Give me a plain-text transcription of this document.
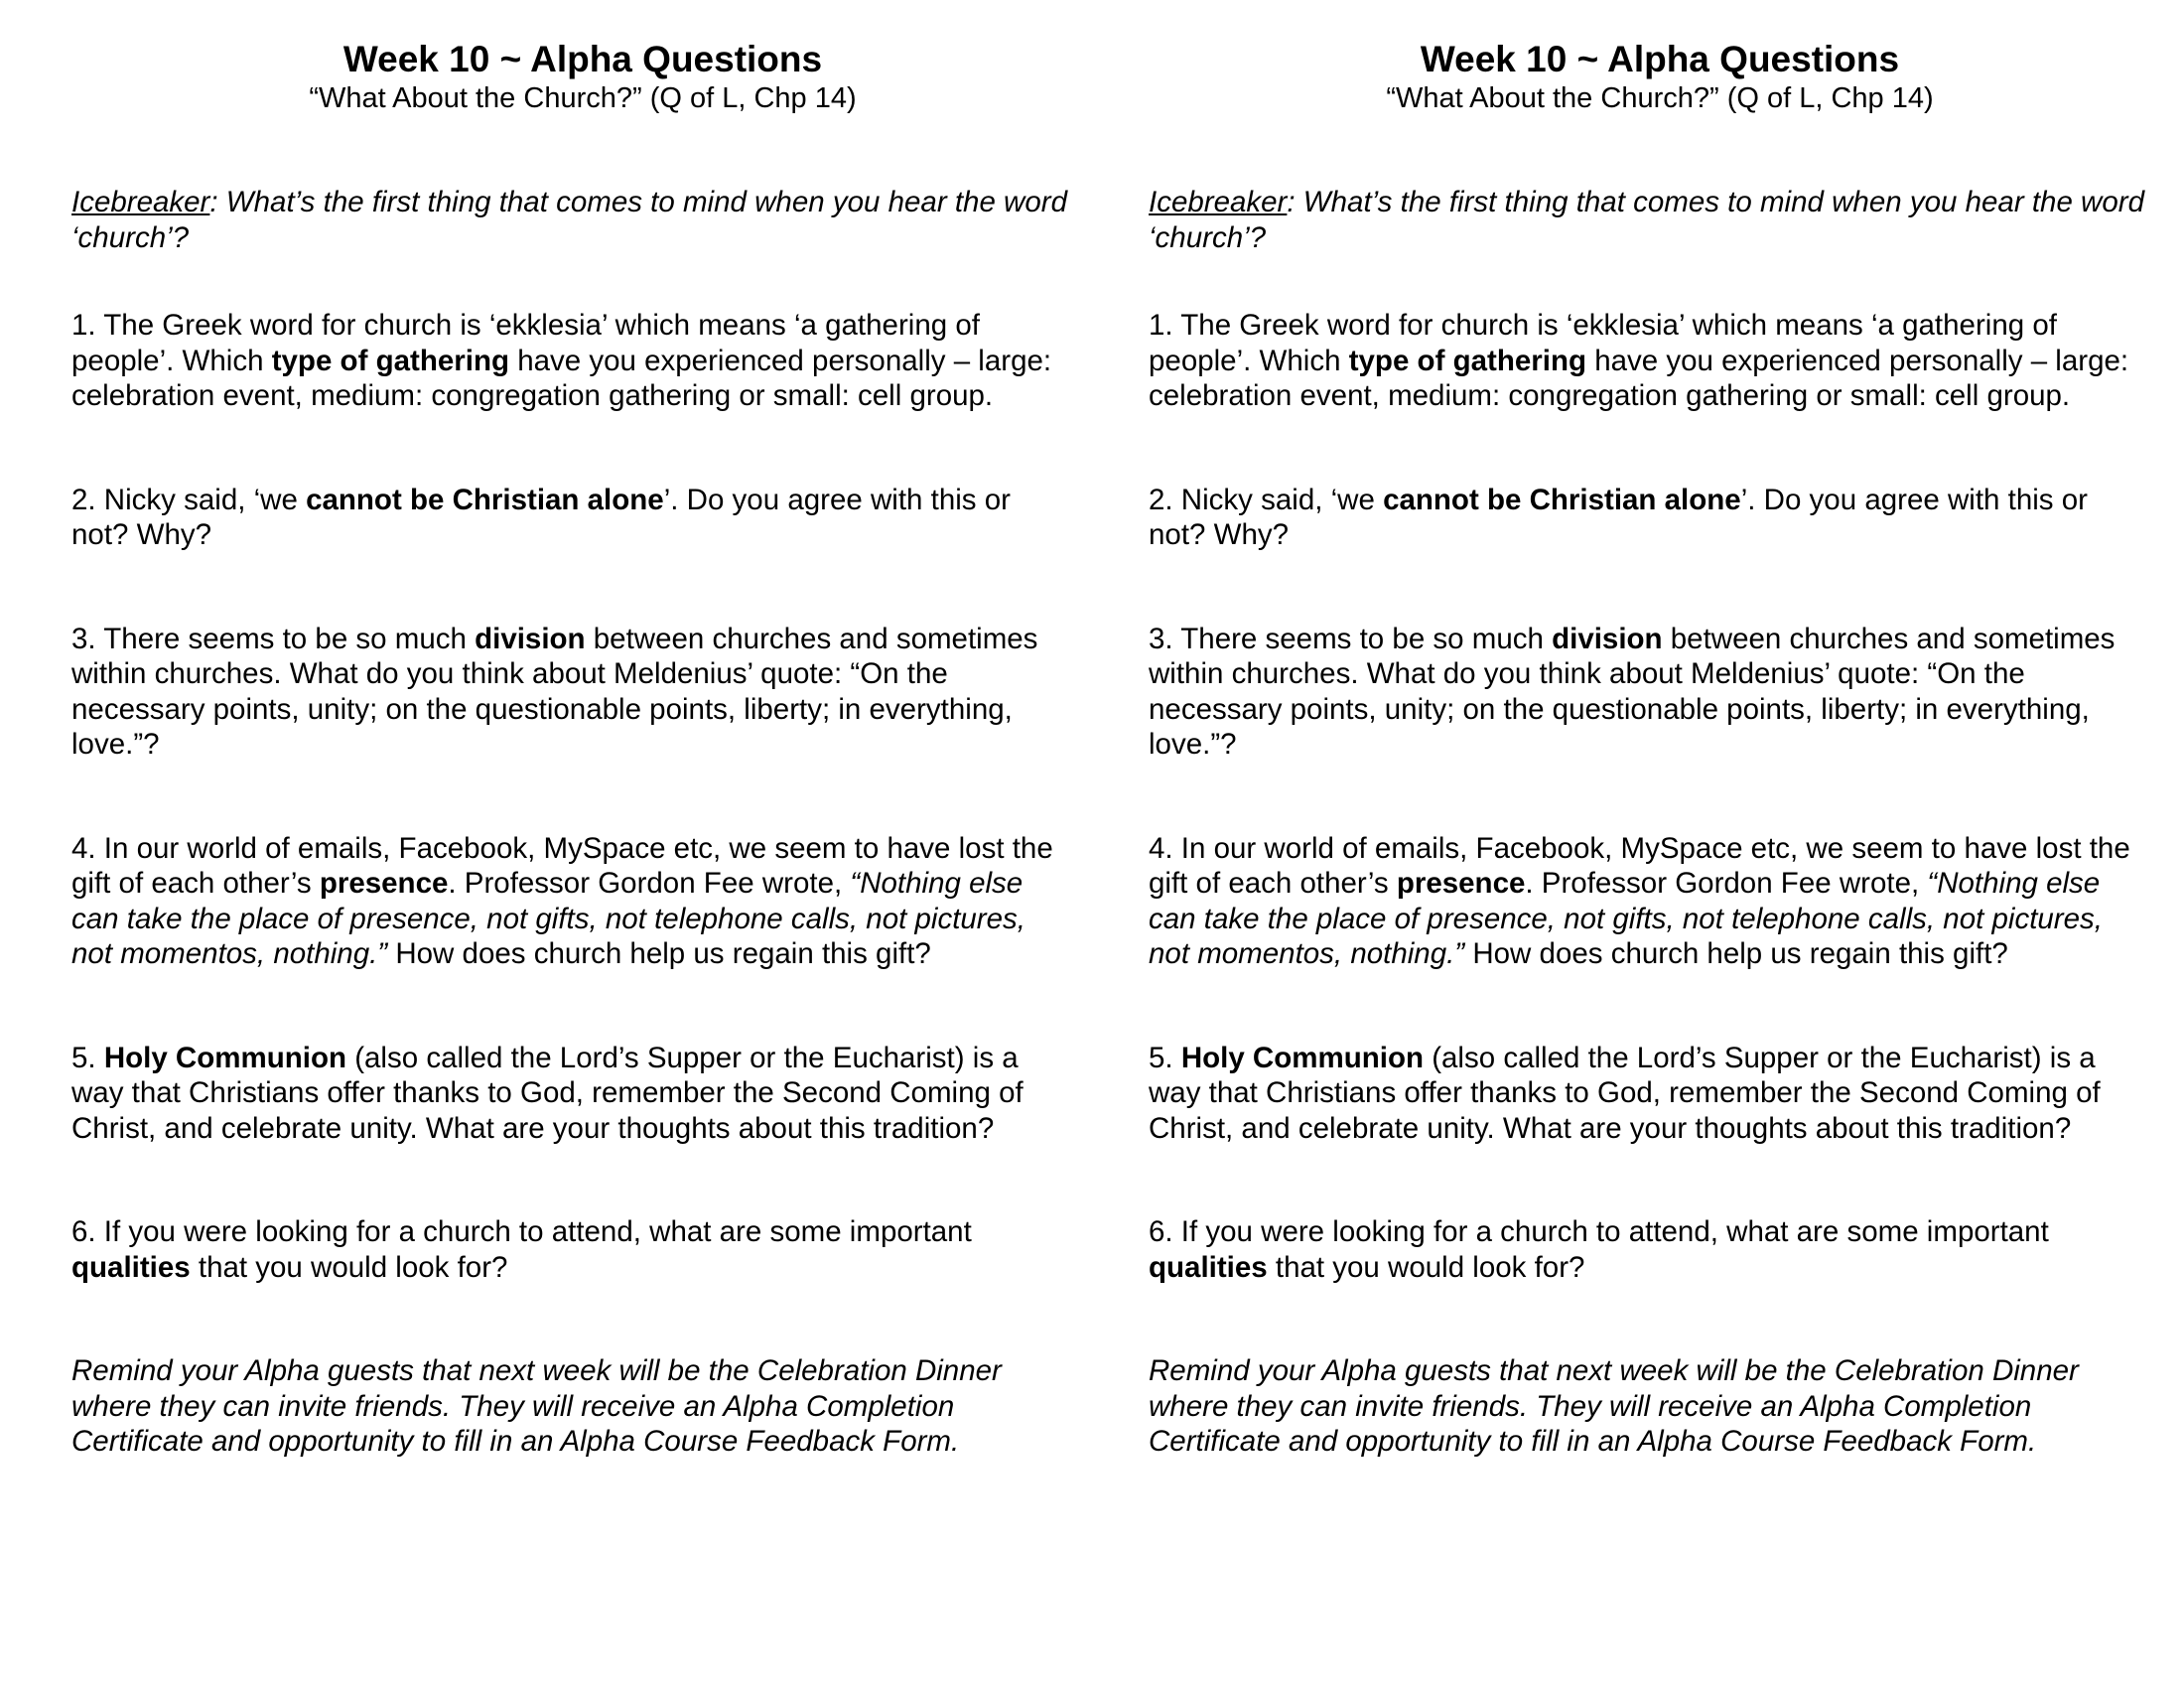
Week 10 ~ Alpha Questions

“What About the Church?” (Q of L, Chp 14)

Icebreaker: What’s the first thing that comes to mind when you hear the word ‘church’?

1. The Greek word for church is ‘ekklesia’ which means ‘a gathering of people’. Which type of gathering have you experienced personally – large: celebration event, medium: congregation gathering or small: cell group.

2. Nicky said, ‘we cannot be Christian alone’. Do you agree with this or not? Why?

3. There seems to be so much division between churches and sometimes within churches. What do you think about Meldenius’ quote: “On the necessary points, unity; on the questionable points, liberty; in everything, love.”?

4. In our world of emails, Facebook, MySpace etc, we seem to have lost the gift of each other’s presence. Professor Gordon Fee wrote, “Nothing else can take the place of presence, not gifts, not telephone calls, not pictures, not momentos, nothing.” How does church help us regain this gift?

5. Holy Communion (also called the Lord’s Supper or the Eucharist) is a way that Christians offer thanks to God, remember the Second Coming of Christ, and celebrate unity. What are your thoughts about this tradition?

6. If you were looking for a church to attend, what are some important qualities that you would look for?

Remind your Alpha guests that next week will be the Celebration Dinner where they can invite friends. They will receive an Alpha Completion Certificate and opportunity to fill in an Alpha Course Feedback Form.

Week 10 ~ Alpha Questions

“What About the Church?” (Q of L, Chp 14)

Icebreaker: What’s the first thing that comes to mind when you hear the word ‘church’?

1. The Greek word for church is ‘ekklesia’ which means ‘a gathering of people’. Which type of gathering have you experienced personally – large: celebration event, medium: congregation gathering or small: cell group.

2. Nicky said, ‘we cannot be Christian alone’. Do you agree with this or not? Why?

3. There seems to be so much division between churches and sometimes within churches. What do you think about Meldenius’ quote: “On the necessary points, unity; on the questionable points, liberty; in everything, love.”?

4. In our world of emails, Facebook, MySpace etc, we seem to have lost the gift of each other’s presence. Professor Gordon Fee wrote, “Nothing else can take the place of presence, not gifts, not telephone calls, not pictures, not momentos, nothing.” How does church help us regain this gift?

5. Holy Communion (also called the Lord’s Supper or the Eucharist) is a way that Christians offer thanks to God, remember the Second Coming of Christ, and celebrate unity. What are your thoughts about this tradition?

6. If you were looking for a church to attend, what are some important qualities that you would look for?

Remind your Alpha guests that next week will be the Celebration Dinner where they can invite friends. They will receive an Alpha Completion Certificate and opportunity to fill in an Alpha Course Feedback Form.
